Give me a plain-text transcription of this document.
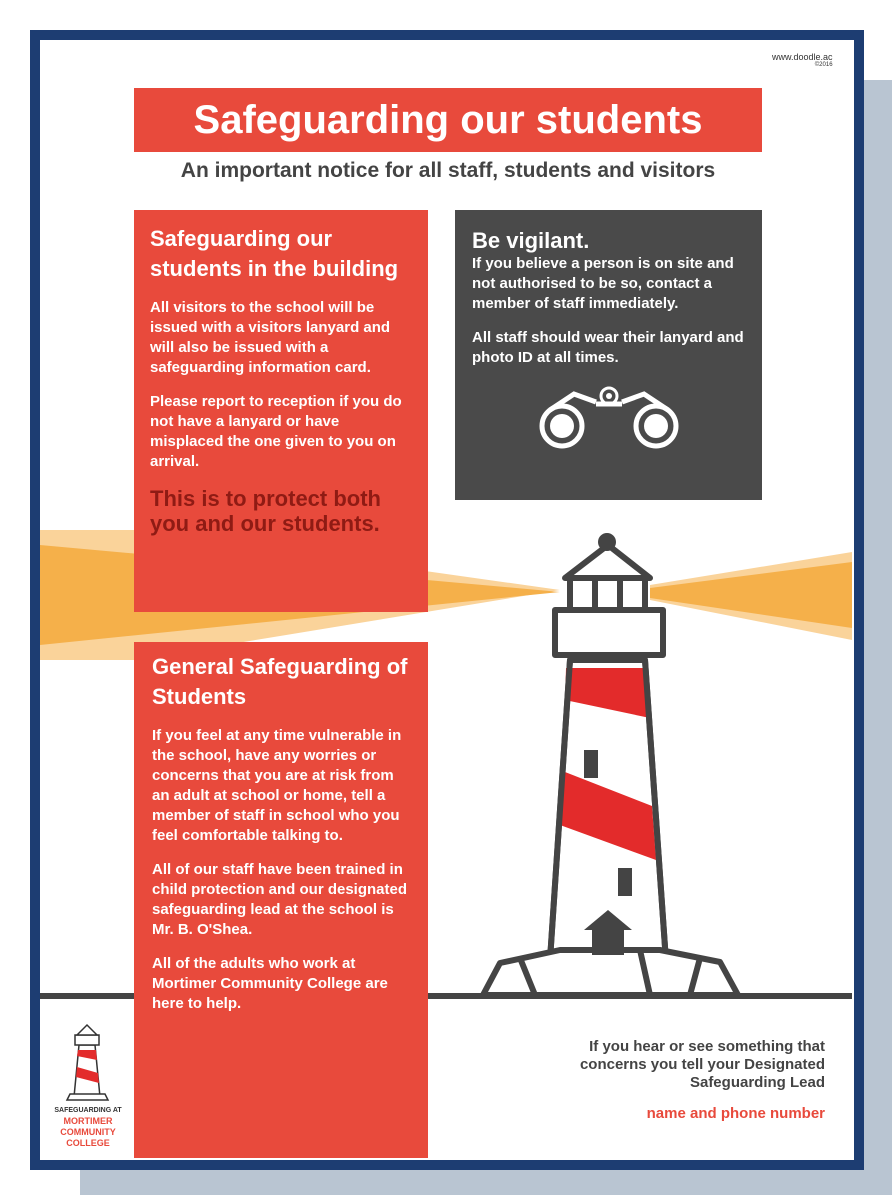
www.doodle.ac
©2016
Safeguarding our students
An important notice for all staff, students and visitors
Safeguarding our students in the building
All visitors to the school will be issued with a visitors lanyard and will also be issued with a safeguarding information card.
Please report to reception if you do not have a lanyard or have misplaced the one given to you on arrival.
This is to protect both you and our students.
General Safeguarding of Students
If you feel at any time vulnerable in the school, have any worries or concerns that you are at risk from an adult at school or home, tell a member of staff in school who you feel comfortable talking to.
All of our staff have been trained in child protection and our designated safeguarding lead at the school is Mr. B. O'Shea.
All of the adults who work at Mortimer Community College are here to help.
Be vigilant.
If you believe a person is on site and not authorised to be so, contact a member of staff immediately.
All staff should wear their lanyard and photo ID at all times.
If you hear or see something that concerns you tell your Designated Safeguarding Lead
name and phone number
SAFEGUARDING AT
MORTIMER COMMUNITY COLLEGE
